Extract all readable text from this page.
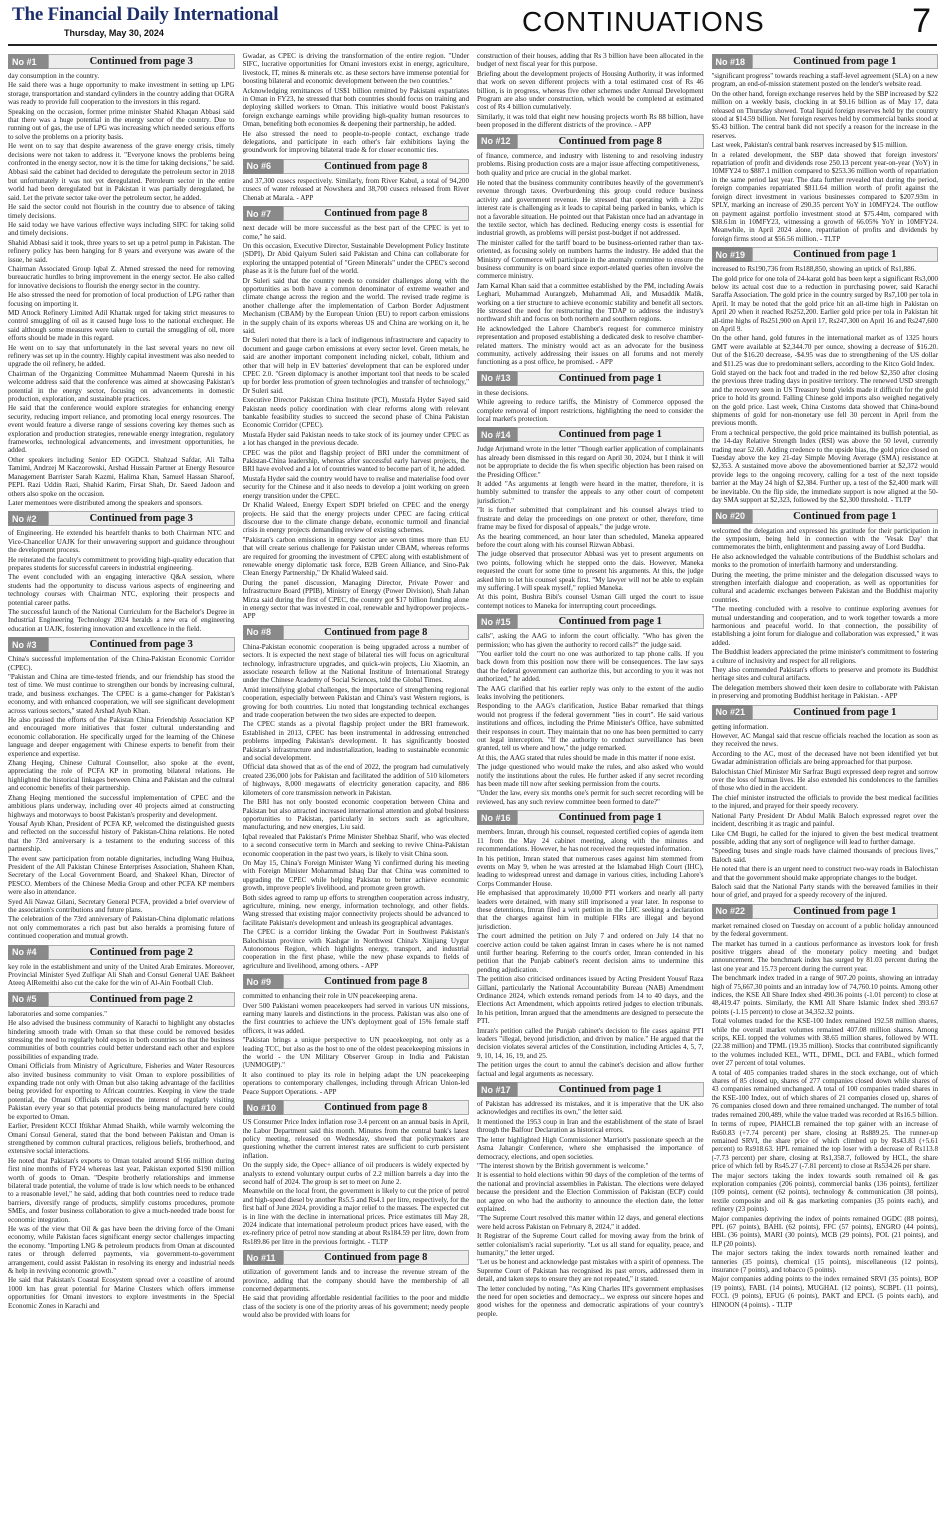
The Financial Daily International
Thursday, May 30, 2024	CONTINUATIONS	7
No #1	Continued from page 3

day consumption in the country.

He said there was a huge opportunity to make investment in setting up LPG storage, transportation and standard cylinders in the country adding that OGRA was ready to provide full cooperation to the investors in this regard.

Speaking on the occasion, former prime minister Shahid Khaqan Abbasi said that there was a huge potential in the energy sector of the country. Due to running out of gas, the use of LPG was increasing which needed serious efforts to solve the problems on a priority basis.

He went on to say that despite awareness of the grave energy crisis, timely decisions were not taken to address it. "Everyone knows the problems being confronted in the energy sector, now it is the time for taking decisions," he said.

Abbasi said the cabinet had decided to deregulate the petroleum sector in 2018 but unfortunately it was not yet deregulated. Petroleum sector in the entire world had been deregulated but in Pakistan it was partially deregulated, he said. Let the private sector take over the petroleum sector, he added.

He said the sector could not flourish in the country due to absence of taking timely decisions.

He said today we have various effective ways including SIFC for taking solid and timely decisions.

Shahid Abbasi said it took, three years to set up a petrol pump in Pakistan. The refinery policy has been hanging for 8 years and everyone was aware of the issue, he said.

Chairman Associated Group Iqbal Z. Ahmed stressed the need for removing bureaucratic hurdles to bring improvement in the energy sector. He also called for innovative decisions to flourish the energy sector in the country.

He also stressed the need for promotion of local production of LPG rather than focusing on importing it.

MD Attock Refinery Limited Adil Khattak urged for taking strict measures to control smuggling of oil as it caused huge loss to the national exchequer. He said although some measures were taken to curtail the smuggling of oil, more efforts should be made in this regard.

He went on to say that unfortunately in the last several years no new oil refinery was set up in the country. Highly capital investment was also needed to upgrade the oil refinery, he added.

Chairman of the Organizing Committee Muhammad Naeem Qureshi in his welcome address said that the conference was aimed at showcasing Pakistan's potential in the energy sector, focusing on advancements in domestic production, exploration, and sustainable practices.

He said that the conference would explore strategies for enhancing energy security, reducing import reliance, and promoting local energy resources. The event would feature a diverse range of sessions covering key themes such as exploration and production strategies, renewable energy integration, regulatory frameworks, technological advancements, and investment opportunities, he added.

Other speakers including Senior ED OGDCL Shahzad Safdar, Ali Talha Tamimi, Andrzej M Kaczorowski, Arshad Hussain Partner at Energy Resource Management Barrister Sarah Kazmi, Halima Khan, Samuel Hassan Sharoof, PEPL Razi Uddin Razi, Shahid Karim, Firsat Shah, Dr. Saeed Jadoon and others also spoke on the occasion.

Later mementoes were distributed among the speakers and sponsors.

No #2	Continued from page 3

of Engineering. He extended his heartfelt thanks to both Chairman NTC and Vice-Chancellor UAJK for their unwavering support and guidance throughout the development process.

He reiterated the faculty's commitment to providing high-quality education that prepares students for successful careers in industrial engineering.

The event concluded with an engaging interactive Q&A session, where students had the opportunity to discuss various aspects of engineering and technology courses with Chairman NTC, exploring their prospects and potential career paths.

The successful launch of the National Curriculum for the Bachelor's Degree in Industrial Engineering Technology 2024 heralds a new era of engineering education at UAJK, fostering innovation and excellence in the field.

No #3	Continued from page 3

China's successful implementation of the China-Pakistan Economic Corridor (CPEC).

"Pakistan and China are time-tested friends, and our friendship has stood the test of time. We must continue to strengthen our bonds by increasing cultural, trade, and business exchanges. The CPEC is a game-changer for Pakistan's economy, and with enhanced cooperation, we will see significant development across various sectors," stated Arshad Ayub Khan.

He also praised the efforts of the Pakistan China Friendship Association KP and encouraged more initiatives that foster cultural understanding and economic collaboration. He specifically urged for the learning of the Chinese language and deeper engagement with Chinese experts to benefit from their experience and expertise.

Zhang Heqing, Chinese Cultural Counsellor, also spoke at the event, appreciating the role of PCFA KP in promoting bilateral relations. He highlighted the historical linkages between China and Pakistan and the cultural and economic benefits of their partnership.

Zhang Heqing mentioned the successful implementation of CPEC and the ambitious plans underway, including over 40 projects aimed at constructing highways and motorways to boost Pakistan's prosperity and development.

Yousaf Ayub Khan, President of PCFA KP, welcomed the distinguished guests and reflected on the successful history of Pakistan-China relations. He noted that the 73rd anniversary is a testament to the enduring success of this partnership.

The event saw participation from notable dignitaries, including Wang Huihua, President of the All Pakistan Chinese Enterprises Association, Shaheen Khan, Secretary of the Local Government Board, and Shakeel Khan, Director of PESCO. Members of the Chinese Media Group and other PCFA KP members were also in attendance.

Syed Ali Nawaz Gilani, Secretary General PCFA, provided a brief overview of the association's contributions and future plans.

The celebration of the 73rd anniversary of Pakistan-China diplomatic relations not only commemorates a rich past but also heralds a promising future of continued cooperation and mutual growth.

No #4	Continued from page 2

key role in the establishment and unity of the United Arab Emirates. Moreover, Provincial Minister Syed Zulfiqar Ali Shah and Consul General UAE Bakheet Ateeq AlRemeithi also cut the cake for the win of Al-Ain Football Club.

No #5	Continued from page 2

laboratories and some companies."

He also advised the business community of Karachi to highlight any obstacles hindering smooth trade with Oman so that these could be removed besides stressing the need to regularly hold expos in both countries so that the business communities of both countries could better understand each other and explore possibilities of expanding trade.

Omani Officials from Ministry of Agriculture, Fisheries and Water Resources also invited business community to visit Oman to explore possibilities of expanding trade not only with Oman but also taking advantage of the facilities being provided for exporting to African countries. Keeping in view the trade potential, the Omani Officials expressed the interest of regularly visiting Pakistan every year so that potential products being manufactured here could be exported to Oman.

Earlier, President KCCI Iftikhar Ahmad Shaikh, while warmly welcoming the Omani Consul General, stated that the bond between Pakistan and Oman is strengthened by common cultural practices, religious beliefs, brotherhood, and extensive social interactions.

He noted that Pakistan's exports to Oman totaled around $166 million during first nine months of FY24 whereas last year, Pakistan exported $190 million worth of goods to Oman. "Despite brotherly relationships and immense bilateral trade potential, the volume of trade is low which needs to be enhanced to a reasonable level," he said, adding that both countries need to reduce trade barriers, diversify range of products, simplify customs procedures, promote SMEs, and foster business collaboration to give a much-needed trade boost for economic integration.

He was of the view that Oil & gas have been the driving force of the Omani economy, while Pakistan faces significant energy sector challenges impacting the economy. "Importing LNG & petroleum products from Oman at discounted rates or through deferred payments, via government-to-government arrangement, could assist Pakistan in resolving its energy and industrial needs & help in reviving economic growth."

He said that Pakistan's Coastal Ecosystem spread over a coastline of around 1000 km has great potential for Marine Clusters which offers immense opportunities for Omani investors to explore investments in the Special Economic Zones in Karachi and

Gwadar, as CPEC is driving the transformation of the entire region. "Under SIFC, lucrative opportunities for Omani investors exist in energy, agriculture, livestock, IT, mines & minerals etc. as these sectors have immense potential for boosting bilateral and economic development between the two countries."

Acknowledging remittances of US$1 billion remitted by Pakistani expatriates in Oman in FY23, he stressed that both countries should focus on training and deploying skilled workers to Oman. This initiative would boost Pakistan's foreign exchange earnings while providing high-quality human resources to Oman, benefiting both economies & deepening their partnership, he added.

He also stressed the need to people-to-people contact, exchange trade delegations, and participate in each other's fair exhibitions laying the groundwork for improving bilateral trade & for closer economic ties.

No #6	Continued from page 8

and 37,300 cusecs respectively. Similarly, from River Kabul, a total of 94,200 cusecs of water released at Nowshera and 38,700 cusecs released from River Chenab at Marala. - APP

No #7	Continued from page 8

next decade will be more successful as the best part of the CPEC is yet to come," he said.

On this occasion, Executive Director, Sustainable Development Policy Institute (SDPI), Dr Abid Qaiyum Suleri said Pakistan and China can collaborate for exploring the untapped potential of "Green Minerals" under the CPEC's second phase as it is the future fuel of the world.

Dr Suleri said that the country needs to consider challenges along with the opportunities as both have a common denominator of extreme weather and climate change across the region and the world. The revised trade regime is another challenge after the implementation of Carbon Border Adjustment Mechanism (CBAM) by the European Union (EU) to report carbon emissions in the supply chain of its exports whereas US and China are working on it, he said.

Dr Suleri noted that there is a lack of indigenous infrastructure and capacity to document and gauge carbon emissions at every sector level. Green metals, he said are another important component including nickel, cobalt, lithium and other that will help in EV batteries' development that can be explored under CPEC 2.0. "Green diplomacy is another important tool that needs to be scaled up for border less promotion of green technologies and transfer of technology," Dr Suleri said.

Executive Director Pakistan China Institute (PCI), Mustafa Hyder Sayed said Pakistan needs policy coordination with clear reforms along with relevant bankable feasibility studies to succeed the second phase of China Pakistan Economic Corridor (CPEC).

Mustafa Hyder said Pakistan needs to take stock of its journey under CPEC as a lot has changed in the previous decade.

CPEC was the pilot and flagship project of BRI under the commitment of Pakistan-China leadership, whereas after successful early harvest projects, the BRI have evolved and a lot of countries wanted to become part of it, he added.

Mustafa Hyder said the country would have to realise and materialise food over security for the Chinese and it also needs to develop a joint working on green energy transition under the CPEC.

Dr Khalid Waleed, Energy Expert SDPI briefed on CPEC and the energy projects. He said that the energy projects under CPEC are facing critical discourse due to the climate change debate, economic turmoil and financial crisis in energy projects demanding review of existing schemes.

"Pakistan's carbon emissions in energy sector are seven times more than EU that will create serious challenge for Pakistan under CBAM, whereas reforms are required for grooming the investment of CPEC along with establishment of renewable energy diplomatic task force, B2B Green Alliance, and Sino-Pak Clean Energy Partnership," Dr Khalid Waleed said.

During the panel discussion, Managing Director, Private Power and Infrastructure Board (PPIB), Ministry of Energy (Power Division), Shah Jahan Mirza said during the first of CPEC, the country got $17 billion funding alone in energy sector that was invested in coal, renewable and hydropower projects.- APP

No #8	Continued from page 8

China-Pakistan economic cooperation is being upgraded across a number of sectors. It is expected the next stage of bilateral ties will focus on agricultural technology, infrastructure upgrades, and quick-win projects, Liu Xiaomin, an associate research fellow at the National Institute of International Strategy under the Chinese Academy of Social Sciences, told the Global Times.

Amid intensifying global challenges, the importance of strengthening regional cooperation, especially between Pakistan and China's vast Western regions, is growing for both countries. Liu noted that longstanding technical exchanges and trade cooperation between the two sides are expected to deepen.

The CPEC stands as a pivotal flagship project under the BRI framework. Established in 2013, CPEC has been instrumental in addressing entrenched problems impeding Pakistan's development. It has significantly boosted Pakistan's infrastructure and industrialization, leading to sustainable economic and social development.

Official data showed that as of the end of 2022, the program had cumulatively created 236,000 jobs for Pakistan and facilitated the addition of 510 kilometers of highways, 8,000 megawatts of electricity generation capacity, and 886 kilometers of core transmission network in Pakistan.

The BRI has not only boosted economic cooperation between China and Pakistan but also attracted increased international attention and global business opportunities to Pakistan, particularly in sectors such as agriculture, manufacturing, and new energies, Liu said.

Iqbal revealed that Pakistan's Prime Minister Shehbaz Sharif, who was elected to a second consecutive term in March and seeking to revive China-Pakistan economic cooperation in the past two years, is likely to visit China soon.

On May 15, China's Foreign Minister Wang Yi confirmed during his meeting with Foreign Minister Mohammad Ishaq Dar that China was committed to upgrading the CPEC while helping Pakistan to better achieve economic growth, improve people's livelihood, and promote green growth.

Both sides agreed to ramp up efforts to strengthen cooperation across industry, agriculture, mining, new energy, information technology, and other fields. Wang stressed that existing major connectivity projects should be advanced to facilitate Pakistan's development and unleash its geographical advantages.

The CPEC is a corridor linking the Gwadar Port in Southwest Pakistan's Balochistan province with Kashgar in Northwest China's Xinjiang Uygur Autonomous Region, which highlights energy, transport, and industrial cooperation in the first phase, while the new phase expands to fields of agriculture and livelihood, among others. - APP

No #9	Continued from page 8

committed to enhancing their role in UN peacekeeping arena.

Over 500 Pakistani women peacekeepers had served in various UN missions, earning many laurels and distinctions in the process. Pakistan was also one of the first countries to achieve the UN's deployment goal of 15% female staff officers, it was added.

"Pakistan brings a unique perspective to UN peacekeeping, not only as a leading TCC, but also as the host to one of the oldest peacekeeping missions in the world - the UN Military Observer Group in India and Pakistan (UNMOGIP)."

It also continued to play its role in helping adapt the UN peacekeeping operations to contemporary challenges, including through African Union-led Peace Support Operations. - APP

No #10	Continued from page 8

US Consumer Price Index inflation rose 3.4 percent on an annual basis in April, the Labor Department said this month. Minutes from the central bank's latest policy meeting, released on Wednesday, showed that policymakers are questioning whether the current interest rates are sufficient to curb persistent inflation.

On the supply side, the Opec+ alliance of oil producers is widely expected by analysts to extend voluntary output curbs of 2.2 million barrels a day into the second half of 2024. The group is set to meet on June 2.

Meanwhile on the local front, the government is likely to cut the price of petrol and high-speed diesel by another Rs5.5 and Rs4.1 per litre, respectively, for the first half of June 2024, providing a major relief to the masses. The expected cut is in line with the decline in international prices. Price estimates till May 28, 2024 indicate that international petroleum product prices have eased, with the ex-refinery price of petrol now standing at about Rs184.59 per litre, down from Rs189.86 per litre in the previous fortnight. - TLTP

No #11	Continued from page 8

utilization of government lands and to increase the revenue stream of the province, adding that the company should have the membership of all concerned departments.

He said that providing affordable residential facilities to the poor and middle class of the society is one of the priority areas of his government; needy people would also be provided with loans for

construction of their houses, adding that Rs 3 billion have been allocated in the budget of next fiscal year for this purpose.

Briefing about the development projects of Housing Authority, it was informed that work on seven different projects with a total estimated cost of Rs 46 billion, is in progress, whereas five other schemes under Annual Development Program are also under construction, which would be completed at estimated cost of Rs 4 billion cumulatively.

Similarly, it was told that eight new housing projects worth Rs 88 billion, have been proposed in the different districts of the province. - APP

No #12	Continued from page 8

of finance, commerce, and industry with listening to and resolving industry problems. Rising production costs are a major issue affecting competitiveness,

both quality and price are crucial in the global market.

He noted that the business community contributes heavily of the government's revenue through taxes. Overburdening this group could reduce business activity and government revenue. He stressed that operating with a 22pc interest rate is challenging as it leads to capital being parked in banks, which is not a favorable situation. He pointed out that Pakistan once had an advantage in the textile sector, which has declined. Reducing energy costs is essential for industrial growth, as problems will persist post-budget if not addressed.

The minister called for the tariff board to be business-oriented rather than tax-oriented, as focusing solely on numbers harms the industry. He added that the Ministry of Commerce will participate in the anomaly committee to ensure the business community is on board since export-related queries often involve the commerce ministry.

Jam Kamal Khan said that a committee established by the PM, including Awais Leghari, Muhammad Aurangzeb, Muhammad Ali, and Musaddik Malik, working on a tier structure to achieve economic stability and benefit all sectors. He stressed the need for restructuring the TDAP to address the industry's northward shift and focus on both northern and southern regions.

He acknowledged the Lahore Chamber's request for commerce ministry representation and proposed establishing a dedicated desk to resolve chamber-related matters. The ministry would act as an advocate for the business community, actively addressing their issues on all forums and not merely functioning as a post office, he promised. - APP

No #13	Continued from page 1

in these decisions.

While agreeing to reduce tariffs, the Ministry of Commerce opposed the complete removal of import restrictions, highlighting the need to consider the local market's protection.

No #14	Continued from page 1

Judge Arjumand wrote in the letter "Though earlier application of complainants has already been dismissed in this regard on April 30, 2024, but I think it will not be appropriate to decide the fis when specific objection has been raised on the Presiding Officer."

It added "As arguments at length were heard in the matter, therefore, it is humbly submitted to transfer the appeals to any other court of competent jurisdiction."

"It is further submitted that complainant and his counsel always tried to frustrate and delay the proceedings on one pretext or other, therefore, time frame may be fixed for disposal of appeals," the judge wrote.

As the hearing commenced, an hour later than scheduled, Maneka appeared before the court along with his counsel Rizwan Abbasi.

The judge observed that prosecutor Abbasi was yet to present arguments on two points, following which he stepped onto the dais. However, Maneka requested the court for some time to present his arguments. At this, the judge asked him to let his counsel speak first. "My lawyer will not be able to explain my suffering. I will speak myself," replied Maneka.

At this point, Bushra Bibi's counsel Usman Gill urged the court to issue contempt notices to Maneka for interrupting court proceedings.

No #15	Continued from page 1

calls", asking the AAG to inform the court officially. "Who has given the permission; who has given the authority to record calls?" the judge said.

"You earlier told the court no one was authorized to tap phone calls. If you back down from this position now there will be consequences. The law says that the federal government can authorize this, but according to you it was not authorized," he added.

The AAG clarified that his earlier reply was only to the extent of the audio leaks involving the petitioners.

Responding to the AAG's clarification, Justice Babar remarked that things would not progress if the federal government "lies in court". He said various institutions and offices, including the Prime Minister's Office, have submitted their responses in court. They maintain that no one has been permitted to carry out legal interception. "If the authority to conduct surveillance has been granted, tell us where and how," the judge remarked.

At this, the AAG stated that rules should be made in this matter if none exist.

The judge questioned who would make the rules, and also asked who would notify the institutions about the rules. He further asked if any secret recording has been made till now after seeking permission from the courts.

"Under the law, every six months one's permit for such secret recording will be reviewed, has any such review committee been formed to date?"

No #16	Continued from page 1

members. Imran, through his counsel, requested certified copies of agenda item 11 from the May 24 cabinet meeting, along with the minutes and recommendations. However, he has not received the requested information.

In his petition, Imran stated that numerous cases against him stemmed from events on May 9, when he was arrested at the Islamabad High Court (IHC), leading to widespread unrest and damage in various cities, including Lahore's Corps Commander House.

He emphasised that approximately 10,000 PTI workers and nearly all party leaders were detained, with many still imprisoned a year later. In response to these detentions, Imran filed a writ petition in the LHC seeking a declaration that the charges against him in multiple FIRs are illegal and beyond jurisdiction.

The court admitted the petition on July 7 and ordered on July 14 that no coercive action could be taken against Imran in cases where he is not named until further hearing. Referring to the court's order, Imran contended in his petition that the Punjab cabinet's recent decision aims to undermine this pending adjudication.

The petition also criticised ordinances issued by Acting President Yousuf Raza Gillani, particularly the National Accountability Bureau (NAB) Amendment Ordinance 2024, which extends remand periods from 14 to 40 days, and the Elections Act Amendment, which appoints retired judges to election tribunals. In his petition, Imran argued that the amendments are designed to persecute the PTI.

Imran's petition called the Punjab cabinet's decision to file cases against PTI leaders "illegal, beyond jurisdiction, and driven by malice." He argued that the decision violates several articles of the Constitution, including Articles 4, 5, 7, 9, 10, 14, 16, 19, and 25.

The petition urges the court to annul the cabinet's decision and allow further factual and legal arguments as necessary.

No #17	Continued from page 1

of Pakistan has addressed its mistakes, and it is imperative that the UK also acknowledges and rectifies its own," the letter said.

It mentioned the 1953 coup in Iran and the establishment of the state of Israel through the Balfour Declaration as historical errors.

The letter highlighted High Commissioner Marriott's passionate speech at the Asma Jahangir Conference, where she emphasised the importance of democracy, elections, and open societies.

"The interest shown by the British government is welcome."

It is essential to hold elections within 90 days of the completion of the terms of the national and provincial assemblies in Pakistan. The elections were delayed because the president and the Election Commission of Pakistan (ECP) could not agree on who had the authority to announce the election date, the letter explained.

"The Supreme Court resolved this matter within 12 days, and general elections were held across Pakistan on February 8, 2024," it added.

It Registrar of the Supreme Court called for moving away from the brink of settler colonialism's racial superiority. "Let us all stand for equality, peace, and humanity," the letter urged.

"Let us be honest and acknowledge past mistakes with a spirit of openness. The Supreme Court of Pakistan has recognised its past errors, addressed them in detail, and taken steps to ensure they are not repeated," it stated.

The letter concluded by noting, "As King Charles III's government emphasises the need for open societies and democracy... we express our sincere hopes and good wishes for the openness and democratic aspirations of your country's people.

No #18	Continued from page 1

"significant progress" towards reaching a staff-level agreement (SLA) on a new program, an end-of-mission statement posted on the lender's website read.

On the other hand, foreign exchange reserves held by the SBP increased by $22 million on a weekly basis, clocking in at $9.16 billion as of May 17, data released on Thursday showed. Total liquid foreign reserves held by the country stood at $14.59 billion. Net foreign reserves held by commercial banks stood at $5.43 billion. The central bank did not specify a reason for the increase in the reserves.

Last week, Pakistan's central bank reserves increased by $15 million.

In a related development, the SBP data showed that foreign investors' repatriation of profit and dividends rose 250.13 percent year-on-year (YoY) in 10MFY24 to $887.1 million compared to $253.36 million worth of repatriation in the same period last year. The data further revealed that during the period, foreign companies repatriated $811.64 million worth of profit against the foreign direct investment in various businesses compared to $207.93m in SPLY, marking an increase of 290.35 percent YoY in 10MFY24. The outflow on payment against portfolio investment stood at $75.44m, compared with $38.61m in 10MFY23, witnessing a growth of 66.05% YoY in 10MFY24. Meanwhile, in April 2024 alone, repatriation of profits and dividends by foreign firms stood at $56.56 million. - TLTP

No #19	Continued from page 1

increased to Rs190,736 from Rs188,850, showing an uptick of Rs1,886.

The gold price for one tola of 24-karat gold has been kept a significant Rs3,000 below its actual cost due to a reduction in purchasing power, said Karachi Saraffa Association. The gold price in the country surged by Rs7,100 per tola in April. It may be noted that the gold price hit an all-time high in Pakistan on April 20 when it reached Rs252,200. Earlier gold price per tola in Pakistan hit all-time highs of Rs251,900 on April 17, Rs247,300 on April 16 and Rs247,600 on April 9.

On the other hand, gold futures in the international market as of 1325 hours GMT were available at $2,344.70 per ounce, showing a decrease of $16.20. Out of the $16.20 decrease, -$4.95 was due to strengthening of the US dollar and $11.25 was due to predominant sellers, according to the Kitco Gold Index.

Gold stayed on the back foot and traded in the red below $2,350 after closing the previous three trading days in positive territory. The renewed USD strength and the recovery seen in US Treasury bond yields made it difficult for the gold price to hold its ground. Falling Chinese gold imports also weighed negatively on the gold price. Last week, China Customs data showed that China-bound shipments of gold for non-monetary use fell 30 percent in April from the previous month.

From a technical perspective, the gold price maintained its bullish potential, as the 14-day Relative Strength Index (RSI) was above the 50 level, currently trading near 52.60. Adding credence to the upside bias, the gold price closed on Tuesday above the key 21-day Simple Moving Average (SMA) resistance at $2,353. A sustained move above the abovementioned barrier at $2,372 would provide legs to the ongoing recovery, calling for a test of the next topside barrier at the May 24 high of $2,384. Further up, a test of the $2,400 mark will be inevitable. On the flip side, the immediate support is now aligned at the 50-day SMA support at $2,323, followed by the $2,300 threshold. - TLTP

No #20	Continued from page 1

welcomed the delegation and expressed his gratitude for their participation in the symposium, being held in connection with the 'Vesak Day' that commemorates the birth, enlightenment and passing away of Lord Buddha.

He also acknowledged the valuable contributions of the Buddhist scholars and monks to the promotion of interfaith harmony and understanding.

During the meeting, the prime minister and the delegation discussed ways to strengthen interfaith dialogue and cooperation, as well as opportunities for cultural and academic exchanges between Pakistan and the Buddhist majority countries.

"The meeting concluded with a resolve to continue exploring avenues for mutual understanding and cooperation, and to work together towards a more harmonious and peaceful world. In that connection, the possibility of establishing a joint forum for dialogue and collaboration was expressed," it was added.

The Buddhist leaders appreciated the prime minister's commitment to fostering a culture of inclusivity and respect for all religions.

They also commended Pakistan's efforts to preserve and promote its Buddhist heritage sites and cultural artifacts.

The delegation members showed their keen desire to collaborate with Pakistan in preserving and promoting Buddhist heritage in Pakistan. - APP

No #21	Continued from page 1

getting information.

However, AC Mangal said that rescue officials reached the location as soon as they received the news.

According to the AC, most of the deceased have not been identified yet but Gwadar administration officials are being approached for that purpose.

Balochistan Chief Minister Mir Sarfraz Bugti expressed deep regret and sorrow over the loss of human lives. He also extended his condolences to the families of those who died in the accident.

The chief minister instructed the officials to provide the best medical facilities to the injured, and prayed for their speedy recovery.

National Party President Dr Abdul Malik Baloch expressed regret over the incident, describing it as tragic and painful.

Like CM Bugti, he called for the injured to given the best medical treatment possible, adding that any sort of negligence will lead to further damage.

"Speeding buses and single roads have claimed thousands of precious lives," Baloch said.

He noted that there is an urgent need to construct two-way roads in Balochistan and that the government should make appropriate changes to the budget.

Baloch said that the National Party stands with the bereaved families in their hour of grief, and prayed for a speedy recovery of the injured.

No #22	Continued from page 1

market remained closed on Tuesday on account of a public holiday announced by the federal government.

The market has turned in a cautious performance as investors look for fresh positive triggers ahead of the monetary policy meeting and budget announcement. The benchmark index has surged by 81.03 percent during the last one year and 15.73 percent during the current year.

The benchmark index traded in a range of 907.20 points, showing an intraday high of 75,667.30 points and an intraday low of 74,760.10 points. Among other indices, the KSE All Share Index shed 490.36 points (-1.01 percent) to close at 48,419.47 points. Similarly, the KMI All Share Islamic Index shed 393.67 points (-1.15 percent) to close at 34,352.32 points.

Total volumes traded for the KSE-100 Index remained 192.58 million shares, while the overall market volumes remained 407.08 million shares. Among scrips, KEL topped the volumes with 38.65 million shares, followed by WTL (22.38 million) and TPML (19.35 million). Stocks that contributed significantly to the volumes included KEL, WTL, DFML, DCL and FABL, which formed over 27 percent of total volumes.

A total of 405 companies traded shares in the stock exchange, out of which shares of 85 closed up, shares of 277 companies closed down while shares of 43 companies remained unchanged. A total of 100 companies traded shares in the KSE-100 Index, out of which shares of 21 companies closed up, shares of 76 companies closed down and three remained unchanged. The number of total trades remained 200,489, while the value traded was recorded at Rs16.5 billion.

In terms of rupee, PIAHCLB remained the top gainer with an increase of Rs60.83 (+7.74 percent) per share, closing at Rs889.25. The runner-up remained SRVI, the share price of which climbed up by Rs43.83 (+5.61 percent) to Rs918.63. HPL remained the top loser with a decrease of Rs113.8 (-7.73 percent) per share, closing at Rs1,358.7, followed by HCL, the share price of which fell by Rs45.27 (-7.81 percent) to close at Rs534.26 per share.

The major sectors taking the index towards south remained oil & gas exploration companies (206 points), commercial banks (136 points), fertilizer (109 points), cement (62 points), technology & communication (38 points), textile composite and oil & gas marketing companies (35 points each), and refinery (23 points).

Major companies depriving the index of points remained OGDC (88 points), PPL (67 points), BAHL (62 points), FFC (57 points), ENGRO (44 points), HBL (36 points), MARI (30 points), MCB (29 points), POL (21 points), and ILP (20 points).

The major sectors taking the index towards north remained leather and tanneries (35 points), chemical (15 points), miscellaneous (12 points), insurance (7 points), and tobacco (5 points).

Major companies adding points to the index remained SRVI (35 points), BOP (19 points), FABL (14 points), MUGHAL (12 points), SCBPL (11 points), FCCL (9 points), EFUG (6 points), PAKT and EPCL (5 points each), and HINOON (4 points). - TLTP
